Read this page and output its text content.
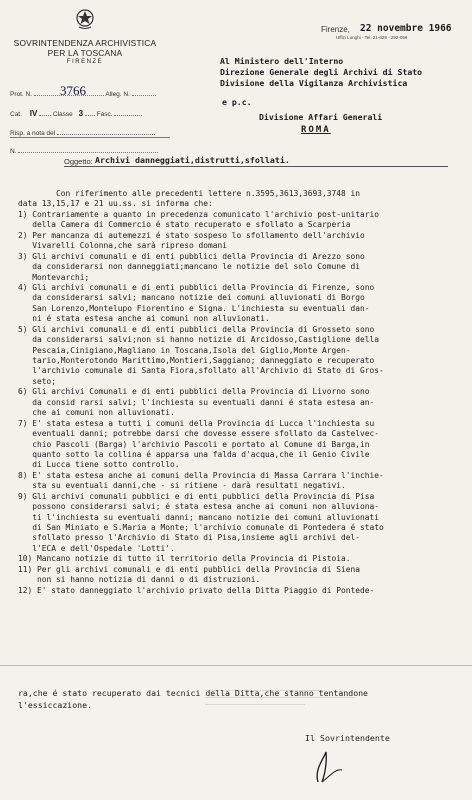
SOVRINTENDENZA ARCHIVISTICA
PER LA TOSCANA
FIRENZE
Prot. N.	Alleg. N.
3766
Cat. IV Classe 3 Fasc.
Risp. a nota del
N.
Firenze, 22 novembre 1966
Uffizi Lunghi - Tel. 21-629 - 292-059
Al Ministero dell'Interno
Direzione Generale degli Archivi di Stato
Divisione della Vigilanza Archivistica
e p.c.
Divisione Affari Generali
ROMA
Oggetto: Archivi danneggiati,distrutti,sfollati.
Con riferimento alle precedenti lettere n.3595,3613,3693,3748 in
data 13,15,17 e 21 uu.ss. si informa che:
1) Contrariamente a quanto in precedenza comunicato l'archivio post-unitario
della Camera di Commercio é stato recuperato e sfollato a Scarperia
2) Per mancanza di autemezzi é stato sospeso lo sfollamento dell'archivio
Vivarelli Colonna,che sarà ripreso domani
3) Gli archivi comunali e di enti pubblici della Provincia di Arezzo sono
da considerarsi non danneggiati;mancano le notizie del solo Comune di
Montevarchi;
4) Gli archivi comunali e di enti pubblici della Provincia di Firenze, sono
da considerarsi salvi; mancano notizie dei comuni alluvionati di Borgo
San Lorenzo,Montelupo Fiorentino e Signa. L'inchiesta su eventuali dan-
ni é stata estesa anche ai comuni non alluvionati.
5) Gli archivi comunali e di enti pubblici della Provincia di Grosseto sono
da considerarsi salvi;non si hanno notizie di Arcidosso,Castiglione della
Pescaia,Cinigiano,Magliano in Toscana,Isola del Giglio,Monte Argen-
tario,Monterotondo Marittimo,Montieri,Saggiano; danneggiato e recuperato
l'archivio comunale di Santa Fiora,sfollato all'Archivio di Stato di Gros-
seto;
6) Gli archivi Comunali e di enti pubblici della Provincia di Livorno sono
da consid rarsi salvi; l'inchiesta su eventuali danni é stata estesa an-
che ai comuni non alluvionati.
7) E' stata estesa a tutti i comuni della Provincia di Lucca l'inchiesta su
eventuali danni; potrebbe darsi che dovesse essere sfollato da Castelvec-
chio Pascoli (Barga) l'archivio Pascoli e portato al Comune di Barga,in
quanto sotto la collina é apparsa una falda d'acqua,che il Genio Civile
di Lucca tiene sotto controllo.
8) E' stata estesa anche ai comuni della Provincia di Massa Carrara l'inchie-
sta su eventuali danni,che - si ritiene - darà resultati negativi.
9) Gli archivi comunali pubblici e di enti pubblici della Provincia di Pisa
possono considerarsi salvi; é stata estesa anche ai comuni non alluviona-
ti l'inchiesta su eventuali danni; mancano notizie dei comuni alluvionati
di San Miniato e S.Maria a Monte; l'archivio comunale di Pontedera é stato
sfollato presso l'Archivio di Stato di Pisa,insieme agli archivi del-
l'ECA e dell'Ospedale 'Lotti'.
10) Mancano notizie di tutto il territorio della Provincia di Pistoia.
11) Per gli archivi comunali e di enti pubblici della Provincia di Siena
non si hanno notizia di danni o di distruzioni.
12) E' stato danneggiato l'archivio privato della Ditta Piaggio di Pontede-
ra,che é stato recuperato dai tecnici della Ditta,che stanno tentandone
l'essiccazione.
Il Sovrintendente
